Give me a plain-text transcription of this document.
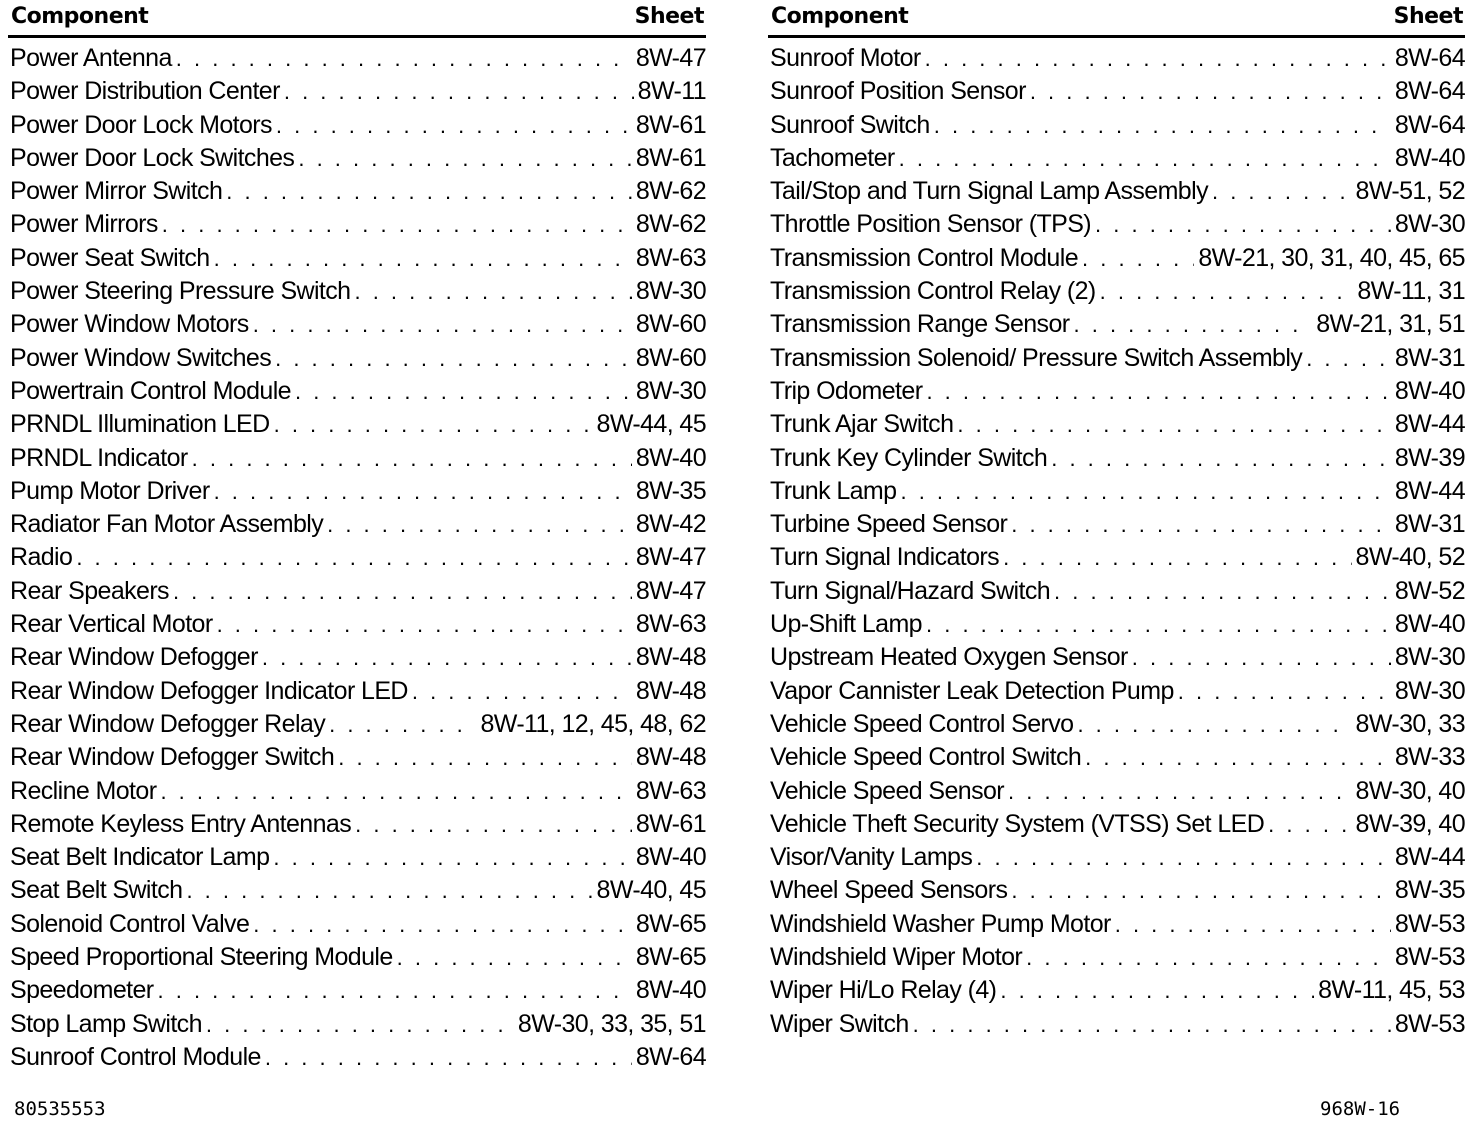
Component	Sheet
Power Antenna . . .	8W-47
Power Distribution Center . . .	8W-11
Power Door Lock Motors . . .	8W-61
Power Door Lock Switches . . .	8W-61
Power Mirror Switch . . .	8W-62
Power Mirrors . . .	8W-62
Power Seat Switch . . .	8W-63
Power Steering Pressure Switch . . .	8W-30
Power Window Motors . . .	8W-60
Power Window Switches . . .	8W-60
Powertrain Control Module . . .	8W-30
PRNDL Illumination LED . . .	8W-44, 45
PRNDL Indicator . . .	8W-40
Pump Motor Driver . . .	8W-35
Radiator Fan Motor Assembly . . .	8W-42
Radio . . .	8W-47
Rear Speakers . . .	8W-47
Rear Vertical Motor . . .	8W-63
Rear Window Defogger . . .	8W-48
Rear Window Defogger Indicator LED . . .	8W-48
Rear Window Defogger Relay . . .	8W-11, 12, 45, 48, 62
Rear Window Defogger Switch . . .	8W-48
Recline Motor . . .	8W-63
Remote Keyless Entry Antennas . . .	8W-61
Seat Belt Indicator Lamp . . .	8W-40
Seat Belt Switch . . .	8W-40, 45
Solenoid Control Valve . . .	8W-65
Speed Proportional Steering Module . . .	8W-65
Speedometer . . .	8W-40
Stop Lamp Switch . . .	8W-30, 33, 35, 51
Sunroof Control Module . . .	8W-64
Component	Sheet
Sunroof Motor . . .	8W-64
Sunroof Position Sensor . . .	8W-64
Sunroof Switch . . .	8W-64
Tachometer . . .	8W-40
Tail/Stop and Turn Signal Lamp Assembly . . .	8W-51, 52
Throttle Position Sensor (TPS) . . .	8W-30
Transmission Control Module . . .	8W-21, 30, 31, 40, 45, 65
Transmission Control Relay (2) . . .	8W-11, 31
Transmission Range Sensor . . .	8W-21, 31, 51
Transmission Solenoid/ Pressure Switch Assembly . . .	8W-31
Trip Odometer . . .	8W-40
Trunk Ajar Switch . . .	8W-44
Trunk Key Cylinder Switch . . .	8W-39
Trunk Lamp . . .	8W-44
Turbine Speed Sensor . . .	8W-31
Turn Signal Indicators . . .	8W-40, 52
Turn Signal/Hazard Switch . . .	8W-52
Up-Shift Lamp . . .	8W-40
Upstream Heated Oxygen Sensor . . .	8W-30
Vapor Cannister Leak Detection Pump . . .	8W-30
Vehicle Speed Control Servo . . .	8W-30, 33
Vehicle Speed Control Switch . . .	8W-33
Vehicle Speed Sensor . . .	8W-30, 40
Vehicle Theft Security System (VTSS) Set LED . . .	8W-39, 40
Visor/Vanity Lamps . . .	8W-44
Wheel Speed Sensors . . .	8W-35
Windshield Washer Pump Motor . . .	8W-53
Windshield Wiper Motor . . .	8W-53
Wiper Hi/Lo Relay (4) . . .	8W-11, 45, 53
Wiper Switch . . .	8W-53
80535553	968W-16
